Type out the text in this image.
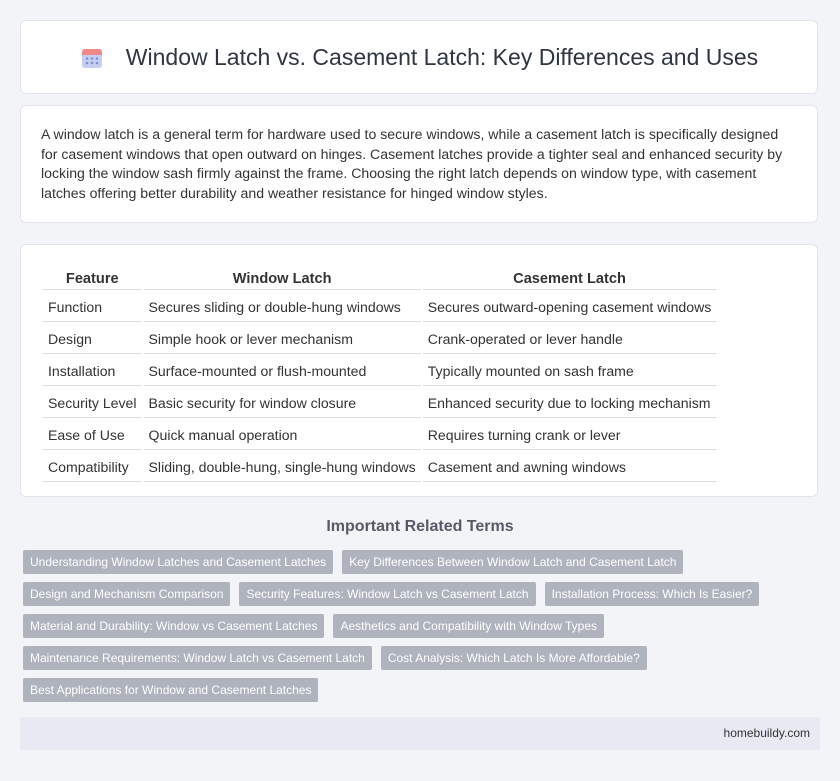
Window Latch vs. Casement Latch: Key Differences and Uses

A window latch is a general term for hardware used to secure windows, while a casement latch is specifically designed for casement windows that open outward on hinges. Casement latches provide a tighter seal and enhanced security by locking the window sash firmly against the frame. Choosing the right latch depends on window type, with casement latches offering better durability and weather resistance for hinged window styles.

Feature	Window Latch	Casement Latch
Function	Secures sliding or double-hung windows	Secures outward-opening casement windows
Design	Simple hook or lever mechanism	Crank-operated or lever handle
Installation	Surface-mounted or flush-mounted	Typically mounted on sash frame
Security Level	Basic security for window closure	Enhanced security due to locking mechanism
Ease of Use	Quick manual operation	Requires turning crank or lever
Compatibility	Sliding, double-hung, single-hung windows	Casement and awning windows
Important Related Terms
Understanding Window Latches and Casement Latches	Key Differences Between Window Latch and Casement Latch
Design and Mechanism Comparison	Security Features: Window Latch vs Casement Latch	Installation Process: Which Is Easier?
Material and Durability: Window vs Casement Latches	Aesthetics and Compatibility with Window Types
Maintenance Requirements: Window Latch vs Casement Latch	Cost Analysis: Which Latch Is More Affordable?
Best Applications for Window and Casement Latches
homebuildy.com
